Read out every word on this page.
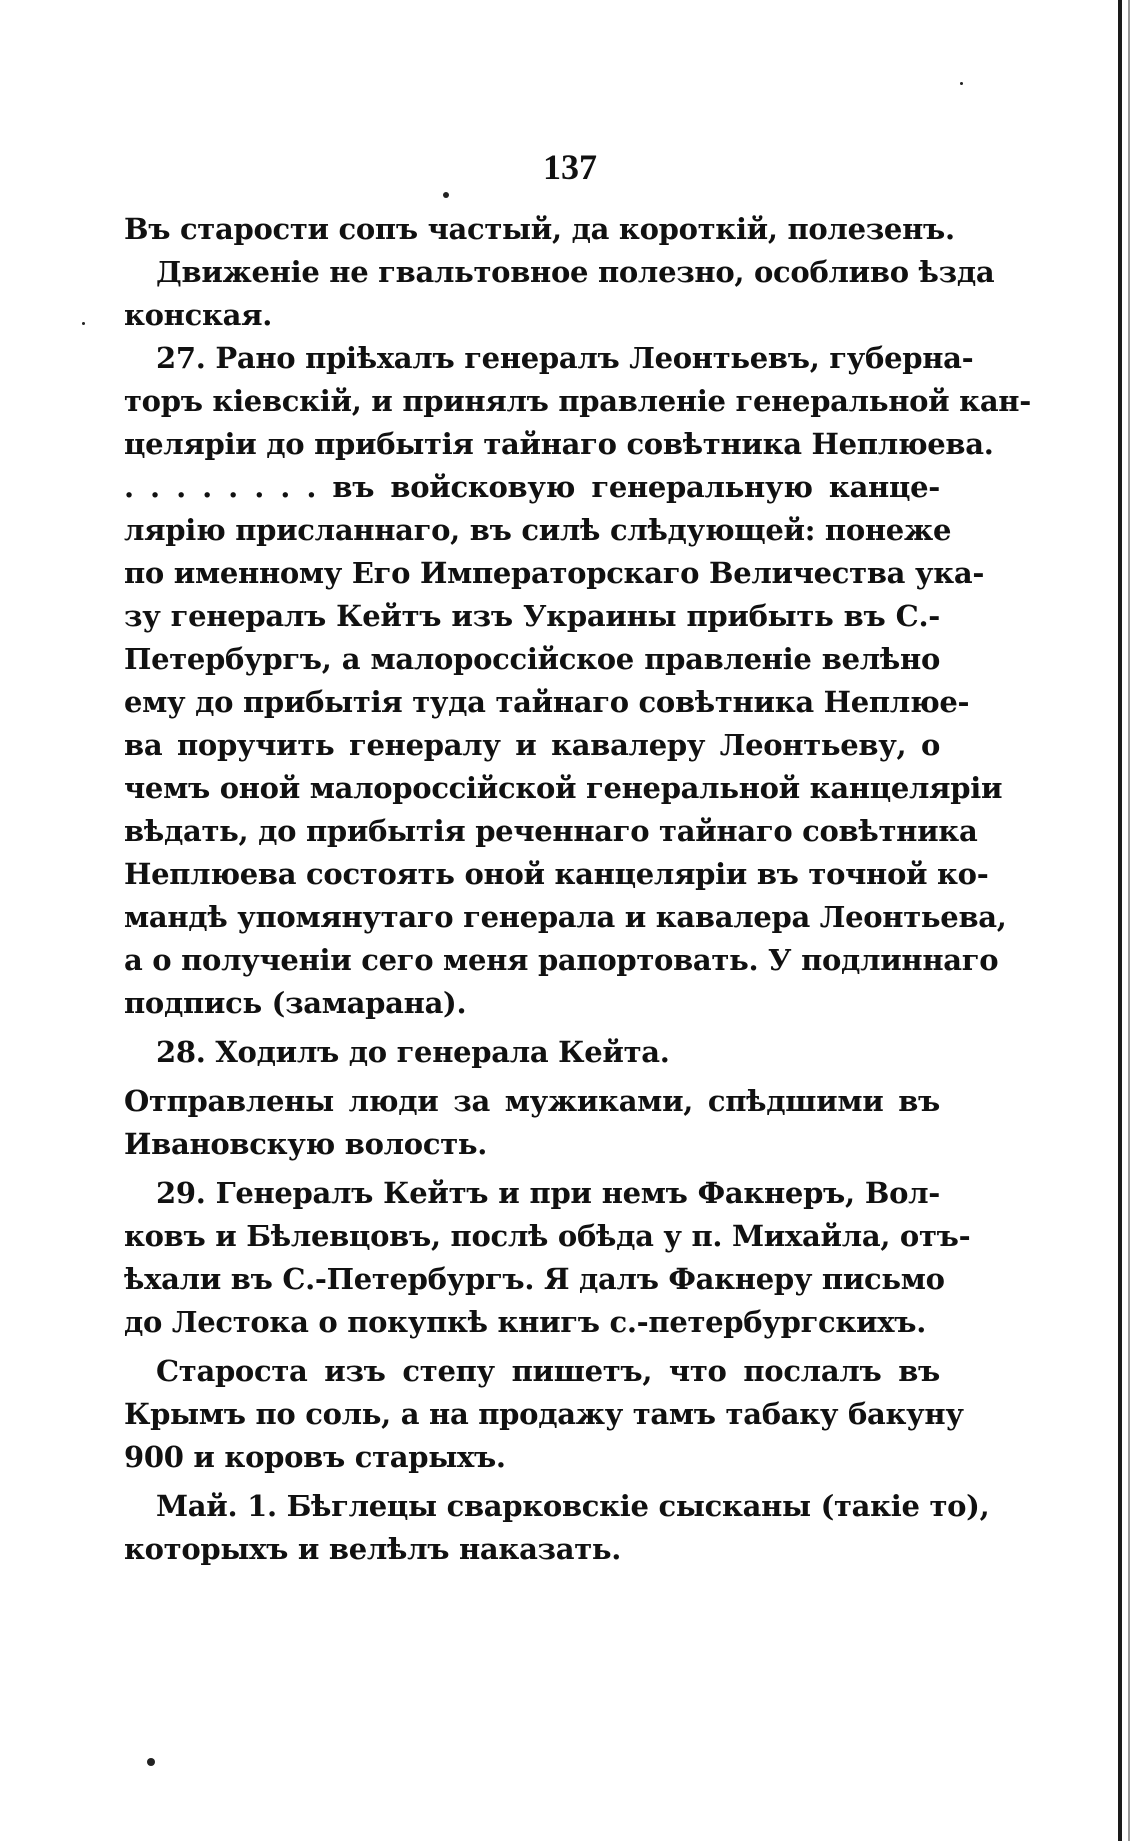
137
Въ старости сопъ частый, да короткій, полезенъ.
Движеніе не гвальтовное полезно, особливо ѣзда
конская.
27. Рано пріѣхалъ генералъ Леонтьевъ, губерна-
торъ кіевскій, и принялъ правленіе генеральной кан-
целяріи до прибытія тайнаго совѣтника Неплюева.
. . . . . . . . въ войсковую генеральную канце-
лярію присланнаго, въ силѣ слѣдующей: понеже
по именному Его Императорскаго Величества ука-
зу генералъ Кейтъ изъ Украины прибыть въ С.-
Петербургъ, а малороссійское правленіе велѣно
ему до прибытія туда тайнаго совѣтника Неплюе-
ва поручить генералу и кавалеру Леонтьеву, о
чемъ оной малороссійской генеральной канцеляріи
вѣдать, до прибытія реченнаго тайнаго совѣтника
Неплюева состоять оной канцеляріи въ точной ко-
мандѣ упомянутаго генерала и кавалера Леонтьева,
а о полученіи сего меня рапортовать. У подлиннаго
подпись (замарана).
28. Ходилъ до генерала Кейта.
Отправлены люди за мужиками, спѣдшими въ
Ивановскую волость.
29. Генералъ Кейтъ и при немъ Факнеръ, Вол-
ковъ и Бѣлевцовъ, послѣ обѣда у п. Михайла, отъ-
ѣхали въ С.-Петербургъ. Я далъ Факнеру письмо
до Лестока о покупкѣ книгъ с.-петербургскихъ.
Староста изъ степу пишетъ, что послалъ въ
Крымъ по соль, а на продажу тамъ табаку бакуну
900 и коровъ старыхъ.
Май. 1. Бѣглецы сварковскіе сысканы (такіе то),
которыхъ и велѣлъ наказать.
